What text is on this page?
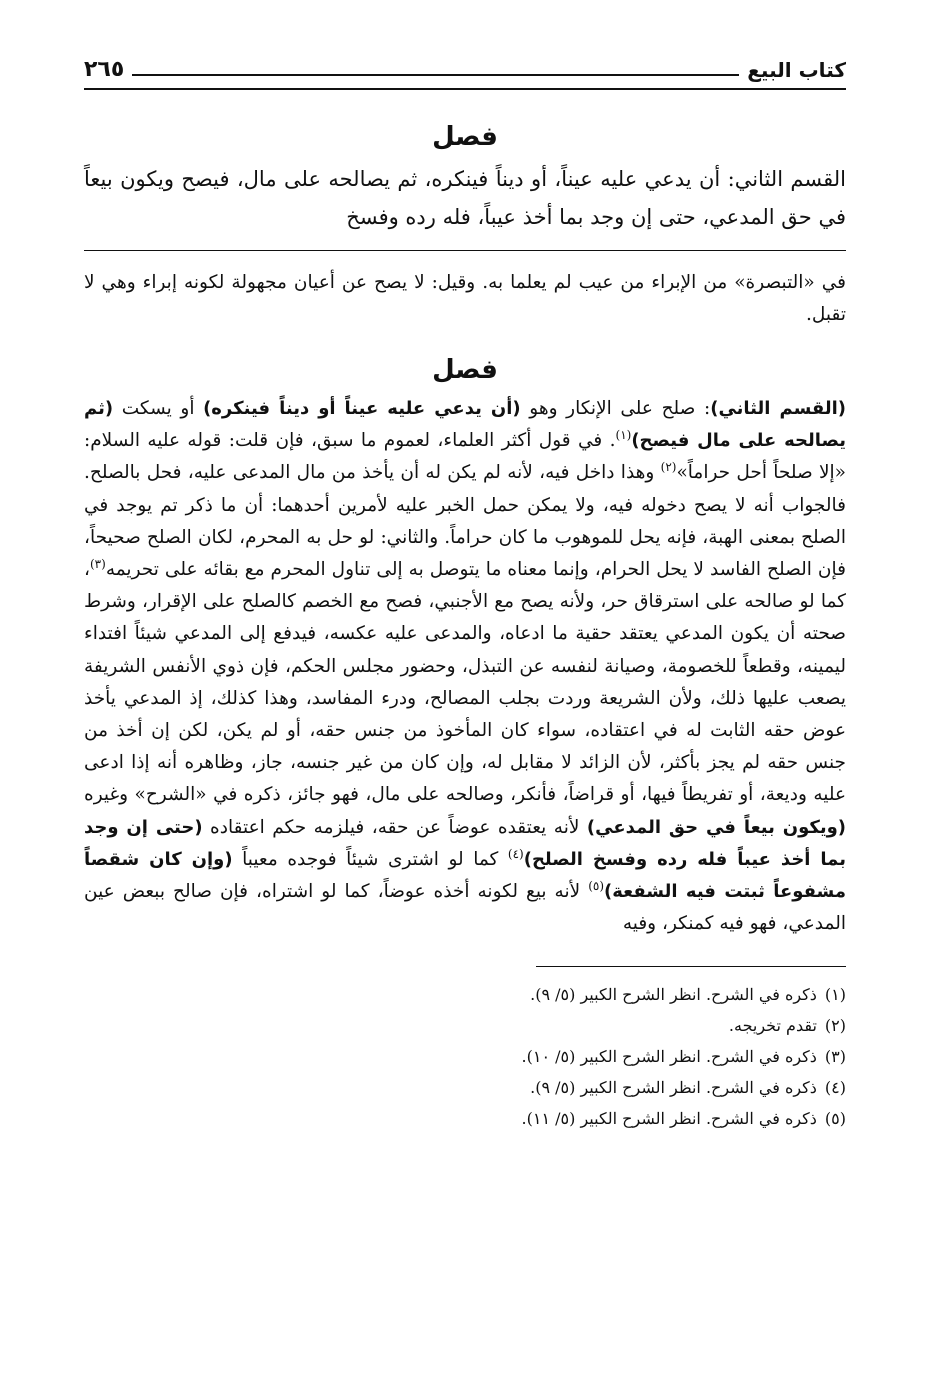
كتاب البيع
٢٦٥
فصل

القسم الثاني: أن يدعي عليه عيناً، أو ديناً فينكره، ثم يصالحه على مال، فيصح ويكون بيعاً في حق المدعي، حتى إن وجد بما أخذ عيباً، فله رده وفسخ

في «التبصرة» من الإبراء من عيب لم يعلما به. وقيل: لا يصح عن أعيان مجهولة لكونه إبراء وهي لا تقبل.

فصل

(القسم الثاني): صلح على الإنكار وهو (أن يدعي عليه عيناً أو ديناً فينكره) أو يسكت (ثم يصالحه على مال فيصح)$^{(١)}$. في قول أكثر العلماء، لعموم ما سبق، فإن قلت: قوله عليه السلام: «إلا صلحاً أحل حراماً»$^{(٢)}$ وهذا داخل فيه، لأنه لم يكن له أن يأخذ من مال المدعى عليه، فحل بالصلح. فالجواب أنه لا يصح دخوله فيه، ولا يمكن حمل الخبر عليه لأمرين أحدهما: أن ما ذكر تم يوجد في الصلح بمعنى الهبة، فإنه يحل للموهوب ما كان حراماً. والثاني: لو حل به المحرم، لكان الصلح صحيحاً، فإن الصلح الفاسد لا يحل الحرام، وإنما معناه ما يتوصل به إلى تناول المحرم مع بقائه على تحريمه$^{(٣)}$، كما لو صالحه على استرقاق حر، ولأنه يصح مع الأجنبي، فصح مع الخصم كالصلح على الإقرار، وشرط صحته أن يكون المدعي يعتقد حقية ما ادعاه، والمدعى عليه عكسه، فيدفع إلى المدعي شيئاً افتداء ليمينه، وقطعاً للخصومة، وصيانة لنفسه عن التبذل، وحضور مجلس الحكم، فإن ذوي الأنفس الشريفة يصعب عليها ذلك، ولأن الشريعة وردت بجلب المصالح، ودرء المفاسد، وهذا كذلك، إذ المدعي يأخذ عوض حقه الثابت له في اعتقاده، سواء كان المأخوذ من جنس حقه، أو لم يكن، لكن إن أخذ من جنس حقه لم يجز بأكثر، لأن الزائد لا مقابل له، وإن كان من غير جنسه، جاز، وظاهره أنه إذا ادعى عليه وديعة، أو تفريطاً فيها، أو قراضاً، فأنكر، وصالحه على مال، فهو جائز، ذكره في «الشرح» وغيره (ويكون بيعاً في حق المدعي) لأنه يعتقده عوضاً عن حقه، فيلزمه حكم اعتقاده (حتى إن وجد بما أخذ عيباً فله رده وفسخ الصلح)$^{(٤)}$ كما لو اشترى شيئاً فوجده معيباً (وإن كان شقصاً مشفوعاً ثبتت فيه الشفعة)$^{(٥)}$ لأنه بيع لكونه أخذه عوضاً، كما لو اشتراه، فإن صالح ببعض عين المدعي، فهو فيه كمنكر، وفيه

(١)
ذكره في الشرح. انظر الشرح الكبير (٥/ ٩).
(٢)
تقدم تخريجه.
(٣)
ذكره في الشرح. انظر الشرح الكبير (٥/ ١٠).
(٤)
ذكره في الشرح. انظر الشرح الكبير (٥/ ٩).
(٥)
ذكره في الشرح. انظر الشرح الكبير (٥/ ١١).
